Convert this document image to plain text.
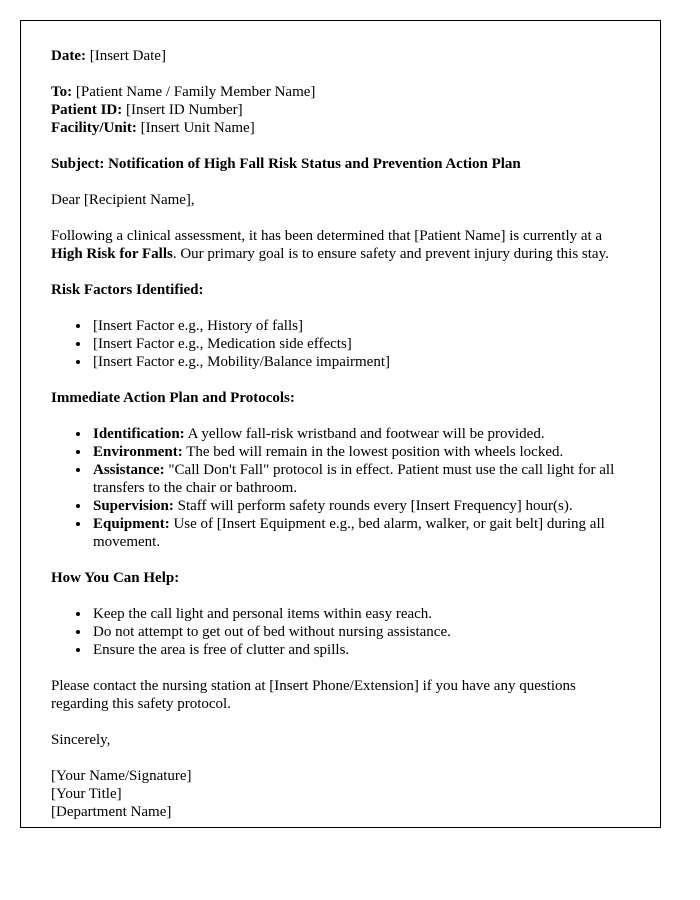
Date: [Insert Date]

To: [Patient Name / Family Member Name]

Patient ID: [Insert ID Number]

Facility/Unit: [Insert Unit Name]

Subject: Notification of High Fall Risk Status and Prevention Action Plan

Dear [Recipient Name],

Following a clinical assessment, it has been determined that [Patient Name] is currently at a High Risk for Falls. Our primary goal is to ensure safety and prevent injury during this stay.

Risk Factors Identified:

• [Insert Factor e.g., History of falls]
• [Insert Factor e.g., Medication side effects]
• [Insert Factor e.g., Mobility/Balance impairment]

Immediate Action Plan and Protocols:

• Identification: A yellow fall-risk wristband and footwear will be provided.
• Environment: The bed will remain in the lowest position with wheels locked.
• Assistance: "Call Don't Fall" protocol is in effect. Patient must use the call light for all transfers to the chair or bathroom.
• Supervision: Staff will perform safety rounds every [Insert Frequency] hour(s).
• Equipment: Use of [Insert Equipment e.g., bed alarm, walker, or gait belt] during all movement.

How You Can Help:

• Keep the call light and personal items within easy reach.
• Do not attempt to get out of bed without nursing assistance.
• Ensure the area is free of clutter and spills.

Please contact the nursing station at [Insert Phone/Extension] if you have any questions regarding this safety protocol.

Sincerely,

[Your Name/Signature]

[Your Title]

[Department Name]
